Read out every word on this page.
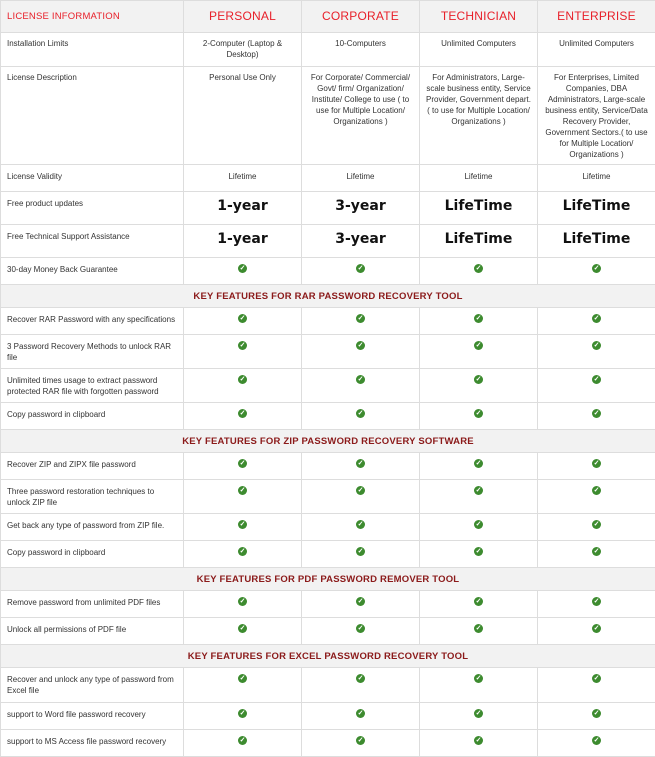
LICENSE INFORMATION	PERSONAL	CORPORATE	TECHNICIAN	ENTERPRISE
Installation Limits	2-Computer (Laptop & Desktop)	10-Computers	Unlimited Computers	Unlimited Computers
License Description	Personal Use Only	For Corporate/ Commercial/ Govt/ firm/ Organization/ Institute/ College to use ( to use for Multiple Location/ Organizations )	For Administrators, Large-scale business entity, Service Provider, Government depart.( to use for Multiple Location/ Organizations )	For Enterprises, Limited Companies, DBA Administrators, Large-scale business entity, Service/Data Recovery Provider, Government Sectors.( to use for Multiple Location/ Organizations )
License Validity	Lifetime	Lifetime	Lifetime	Lifetime
Free product updates	1-year	3-year	LifeTime	LifeTime
Free Technical Support Assistance	1-year	3-year	LifeTime	LifeTime
30-day Money Back Guarantee	✓	✓	✓	✓
KEY FEATURES FOR RAR PASSWORD RECOVERY TOOL				
Recover RAR Password with any specifications	✓	✓	✓	✓
3 Password Recovery Methods to unlock RAR file	✓	✓	✓	✓
Unlimited times usage to extract password protected RAR file with forgotten password	✓	✓	✓	✓
Copy password in clipboard	✓	✓	✓	✓
KEY FEATURES FOR ZIP PASSWORD RECOVERY SOFTWARE				
Recover ZIP and ZIPX file password	✓	✓	✓	✓
Three password restoration techniques to unlock ZIP file	✓	✓	✓	✓
Get back any type of password from ZIP file.	✓	✓	✓	✓
Copy password in clipboard	✓	✓	✓	✓
KEY FEATURES FOR PDF PASSWORD REMOVER TOOL				
Remove password from unlimited PDF files	✓	✓	✓	✓
Unlock all permissions of PDF file	✓	✓	✓	✓
KEY FEATURES FOR EXCEL PASSWORD RECOVERY TOOL				
Recover and unlock any type of password from Excel file	✓	✓	✓	✓
support to Word file password recovery	✓	✓	✓	✓
support to MS Access file password recovery	✓	✓	✓	✓
